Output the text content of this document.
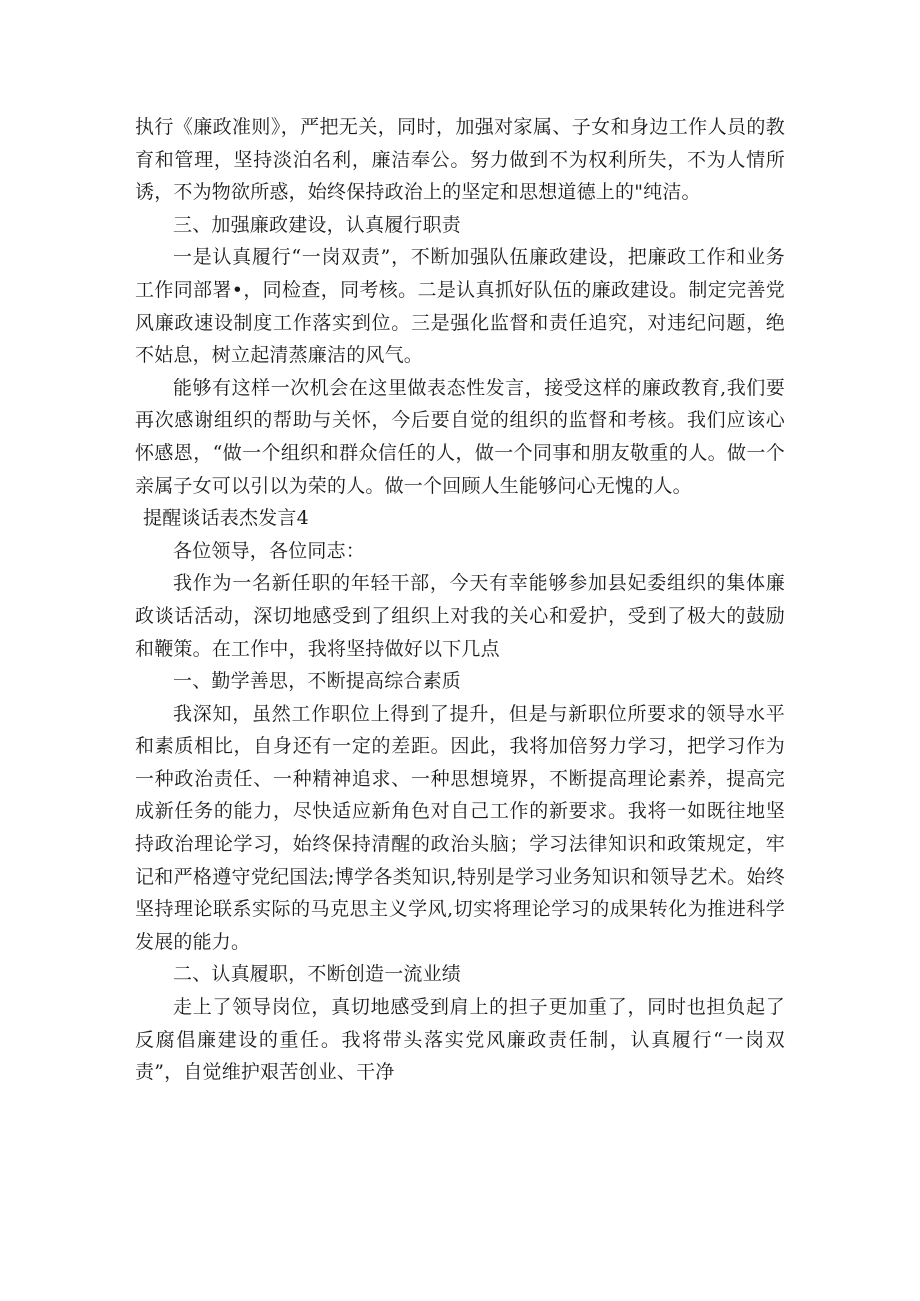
执行《廉政准则》，严把无关，同时，加强对家属、子女和身边工作人员的教育和管理，坚持淡泊名利，廉洁奉公。努力做到不为权利所失，不为人情所诱，不为物欲所惑，始终保持政治上的坚定和思想道德上的"纯洁。

三、加强廉政建设，认真履行职责

一是认真履行“一岗双责”，不断加强队伍廉政建设，把廉政工作和业务工作同部署•，同检查，同考核。二是认真抓好队伍的廉政建设。制定完善党风廉政速设制度工作落实到位。三是强化监督和责任追究，对违纪问题，绝不姑息，树立起清蒸廉洁的风气。

能够有这样一次机会在这里做表态性发言，接受这样的廉政教育,我们要再次感谢组织的帮助与关怀，今后要自觉的组织的监督和考核。我们应该心怀感恩，“做一个组织和群众信任的人，做一个同事和朋友敬重的人。做一个亲属子女可以引以为荣的人。做一个回顾人生能够问心无愧的人。

提醒谈话表杰发言4

各位领导，各位同志：

我作为一名新任职的年轻干部，今天有幸能够参加县妃委组织的集体廉政谈话活动，深切地感受到了组织上对我的关心和爱护，受到了极大的鼓励和鞭策。在工作中，我将坚持做好以下几点

一、勤学善思，不断提高综合素质

我深知，虽然工作职位上得到了提升，但是与新职位所要求的领导水平和素质相比，自身还有一定的差距。因此，我将加倍努力学习，把学习作为一种政治责任、一种精神追求、一种思想境界，不断提高理论素养，提高完成新任务的能力，尽快适应新角色对自己工作的新要求。我将一如既往地坚持政治理论学习，始终保持清醒的政治头脑；学习法律知识和政策规定，牢记和严格遵守党纪国法;博学各类知识,特别是学习业务知识和领导艺术。始终坚持理论联系实际的马克思主义学风,切实将理论学习的成果转化为推进科学发展的能力。

二、认真履职，不断创造一流业绩

走上了领导岗位，真切地感受到肩上的担子更加重了，同时也担负起了反腐倡廉建设的重任。我将带头落实党风廉政责任制，认真履行“一岗双责”，自觉维护艰苦创业、干净
